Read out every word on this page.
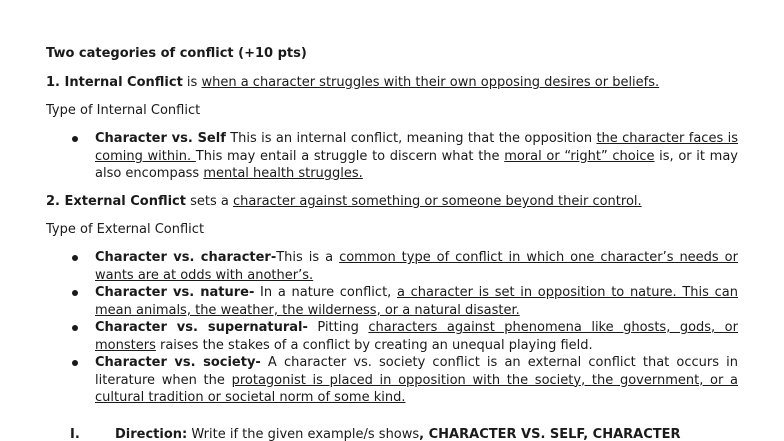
Two categories of conflict (+10 pts)
1. Internal Conflict is when a character struggles with their own opposing desires or beliefs.
Type of Internal Conflict
Character vs. Self This is an internal conflict, meaning that the opposition the character faces is coming within. This may entail a struggle to discern what the moral or “right” choice is, or it may also encompass mental health struggles.
2. External Conflict sets a character against something or someone beyond their control.
Type of External Conflict
Character vs. character-This is a common type of conflict in which one character’s needs or wants are at odds with another’s.
Character vs. nature- In a nature conflict, a character is set in opposition to nature. This can mean animals, the weather, the wilderness, or a natural disaster.
Character vs. supernatural- Pitting characters against phenomena like ghosts, gods, or monsters raises the stakes of a conflict by creating an unequal playing field.
Character vs. society- A character vs. society conflict is an external conflict that occurs in literature when the protagonist is placed in opposition with the society, the government, or a cultural tradition or societal norm of some kind.
I.	Direction: Write if the given example/s shows, CHARACTER VS. SELF, CHARACTER
